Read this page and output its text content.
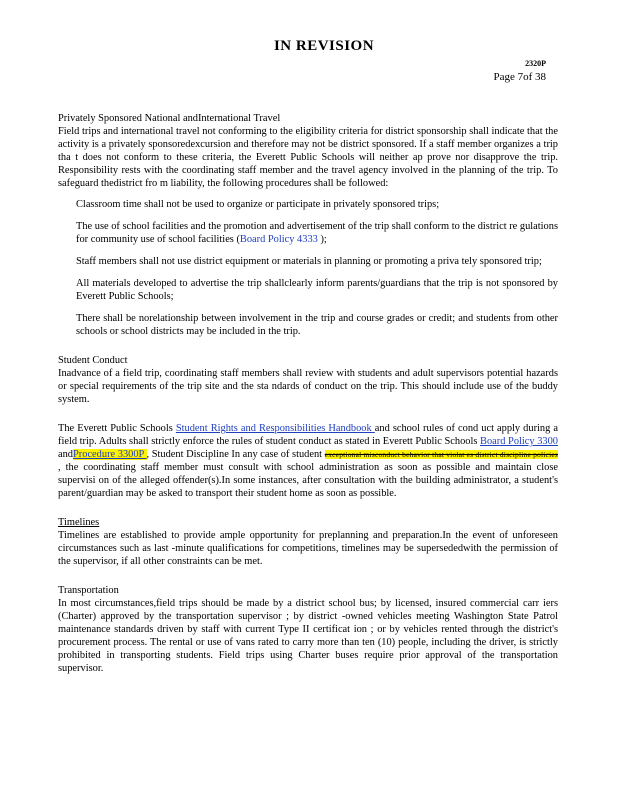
IN REVISION
2320P
Page 7of 38

Privately Sponsored National andInternational Travel

Field trips and international travel not conforming to the eligibility criteria for district sponsorship shall indicate that the activity is a privately sponsoredexcursion and therefore may not be district sponsored. If a staff member organizes a trip tha t does not conform to these criteria, the Everett Public Schools will neither ap prove nor disapprove the trip. Responsibility rests with the coordinating staff member and the travel agency involved in the planning of the trip. To safeguard thedistrict fro m liability, the following procedures shall be followed:

Classroom time shall not be used to organize or participate in privately sponsored trips;
The use of school facilities and the promotion and advertisement of the trip shall conform to the district re gulations for community use of school facilities (Board Policy 4333 );
Staff members shall not use district equipment or materials in planning or promoting a priva tely sponsored trip;
All materials developed to advertise the trip shallclearly inform parents/guardians that the trip is not sponsored by Everett Public Schools;
There shall be norelationship between involvement in the trip and course grades or credit; and students from other schools or school districts may be included in the trip.

Student Conduct

Inadvance of a field trip, coordinating staff members shall review with students and adult supervisors potential hazards or special requirements of the trip site and the sta ndards of conduct on the trip. This should include use of the buddy system.

The Everett Public Schools Student Rights and Responsibilities Handbook and school rules of cond uct apply during a field trip. Adults shall strictly enforce the rules of student conduct as stated in Everett Public Schools Board Policy 3300 andProcedure 3300P , Student Discipline In any case of student exceptional misconduct behavior that violat es district discipline policies , the coordinating staff member must consult with school administration as soon as possible and maintain close supervisi on of the alleged offender(s).In some instances, after consultation with the building administrator, a student's parent/guardian may be asked to transport their student home as soon as possible.

Timelines

Timelines are established to provide ample opportunity for preplanning and preparation.In the event of unforeseen circumstances such as last -minute qualifications for competitions, timelines may be supersededwith the permission of the supervisor, if all other constraints can be met.

Transportation

In most circumstances,field trips should be made by a district school bus; by licensed, insured commercial carr iers (Charter) approved by the transportation supervisor ; by district -owned vehicles meeting Washington State Patrol maintenance standards driven by staff with current Type II certificat ion ; or by vehicles rented through the district's procurement process. The rental or use of vans rated to carry more than ten (10) people, including the driver, is strictly prohibited in transporting students. Field trips using Charter buses require prior approval of the transportation supervisor.
